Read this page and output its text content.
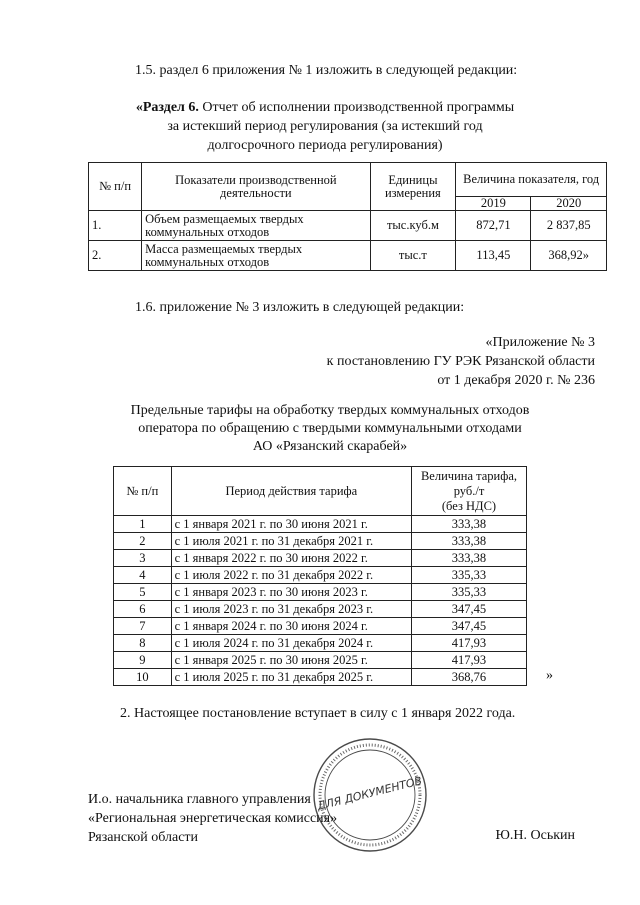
1.5. раздел 6 приложения № 1 изложить в следующей редакции:
«Раздел 6. Отчет об исполнении производственной программы
за истекший период регулирования (за истекший год
долгосрочного периода регулирования)
№ п/п	Показатели производственной деятельности	Единицы измерения	Величина показателя, год	
			2019	2020
1.	Объем размещаемых твердых коммунальных отходов	тыс.куб.м	872,71	2 837,85
2.	Масса размещаемых твердых коммунальных отходов	тыс.т	113,45	368,92»
1.6. приложение № 3 изложить в следующей редакции:
«Приложение № 3
к постановлению ГУ РЭК Рязанской области
от 1 декабря 2020 г. № 236
Предельные тарифы на обработку твердых коммунальных отходов
оператора по обращению с твердыми коммунальными отходами
АО «Рязанский скарабей»
№ п/п	Период действия тарифа	Величина тарифа,
руб./т
(без НДС)

1	с 1 января 2021 г. по 30 июня 2021 г.	333,38
2	с 1 июля 2021 г. по 31 декабря 2021 г.	333,38
3	с 1 января 2022 г. по 30 июня 2022 г.	333,38
4	с 1 июля 2022 г. по 31 декабря 2022 г.	335,33
5	с 1 января 2023 г. по 30 июня 2023 г.	335,33
6	с 1 июля 2023 г. по 31 декабря 2023 г.	347,45
7	с 1 января 2024 г. по 30 июня 2024 г.	347,45
8	с 1 июля 2024 г. по 31 декабря 2024 г.	417,93
9	с 1 января 2025 г. по 30 июня 2025 г.	417,93
10	с 1 июля 2025 г. по 31 декабря 2025 г.	368,76	»
2. Настоящее постановление вступает в силу с 1 января 2022 года.
ДЛЯ ДОКУМЕНТОВ
И.о. начальника главного управления
«Региональная энергетическая комиссия»
Рязанской области	Ю.Н. Оськин
